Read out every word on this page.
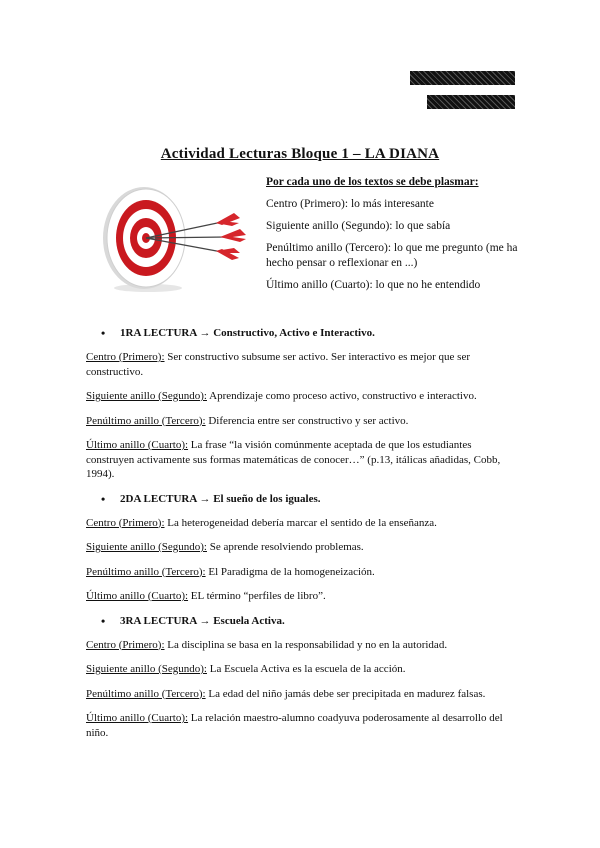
Actividad Lecturas Bloque 1 – LA DIANA

Por cada uno de los textos se debe plasmar:

Centro (Primero): lo más interesante

Siguiente anillo (Segundo): lo que sabía

Penúltimo anillo (Tercero): lo que me pregunto (me ha hecho pensar o reflexionar en ...)

Último anillo (Cuarto): lo que no he entendido

• 1RA LECTURA → Constructivo, Activo e Interactivo.

Centro (Primero): Ser constructivo subsume ser activo. Ser interactivo es mejor que ser constructivo.

Siguiente anillo (Segundo): Aprendizaje como proceso activo, constructivo e interactivo.

Penúltimo anillo (Tercero): Diferencia entre ser constructivo y ser activo.

Último anillo (Cuarto): La frase “la visión comúnmente aceptada de que los estudiantes construyen activamente sus formas matemáticas de conocer…” (p.13, itálicas añadidas, Cobb, 1994).

• 2DA LECTURA → El sueño de los iguales.

Centro (Primero): La heterogeneidad debería marcar el sentido de la enseñanza.

Siguiente anillo (Segundo): Se aprende resolviendo problemas.

Penúltimo anillo (Tercero): El Paradigma de la homogeneización.

Último anillo (Cuarto): EL término “perfiles de libro”.

• 3RA LECTURA → Escuela Activa.

Centro (Primero): La disciplina se basa en la responsabilidad y no en la autoridad.

Siguiente anillo (Segundo): La Escuela Activa es la escuela de la acción.

Penúltimo anillo (Tercero): La edad del niño jamás debe ser precipitada en madurez falsas.

Último anillo (Cuarto): La relación maestro-alumno coadyuva poderosamente al desarrollo del niño.
